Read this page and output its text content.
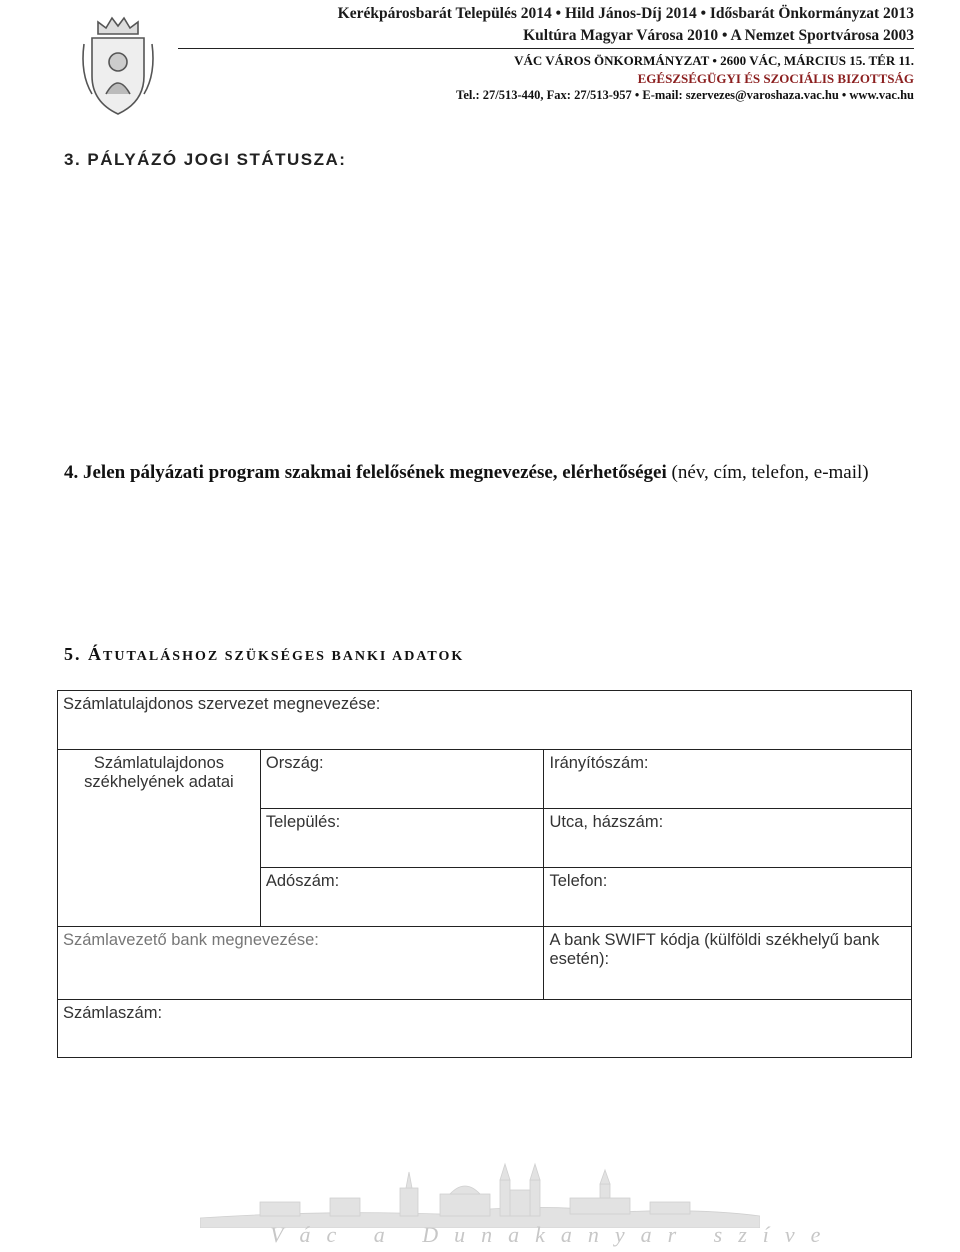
Kerékpárosbarát Település 2014 • Hild János-Díj 2014 • Idősbarát Önkormányzat 2013
Kultúra Magyar Városa 2010 • A Nemzet Sportvárosa 2003
VÁC VÁROS ÖNKORMÁNYZAT • 2600 VÁC, MÁRCIUS 15. TÉR 11.
EGÉSZSÉGÜGYI ÉS SZOCIÁLIS BIZOTTSÁG
Tel.: 27/513-440, Fax: 27/513-957 • E-mail: szervezes@varoshaza.vac.hu • www.vac.hu
3. PÁLYÁZÓ JOGI STÁTUSZA:
4. Jelen pályázati program szakmai felelősének megnevezése, elérhetőségei (név, cím, telefon, e-mail)
5. ÁTUTALÁSHOZ SZÜKSÉGES BANKI ADATOK
Számlatulajdonos szervezet megnevezése:		
Számlatulajdonos székhelyének adatai	Ország:	Irányítószám:
	Település:	Utca, házszám:
	Adószám:	Telefon:
Számlavezető bank megnevezése:		A bank SWIFT kódja (külföldi székhelyű bank esetén):
Számlaszám:		
Vác a Dunakanyar szíve
